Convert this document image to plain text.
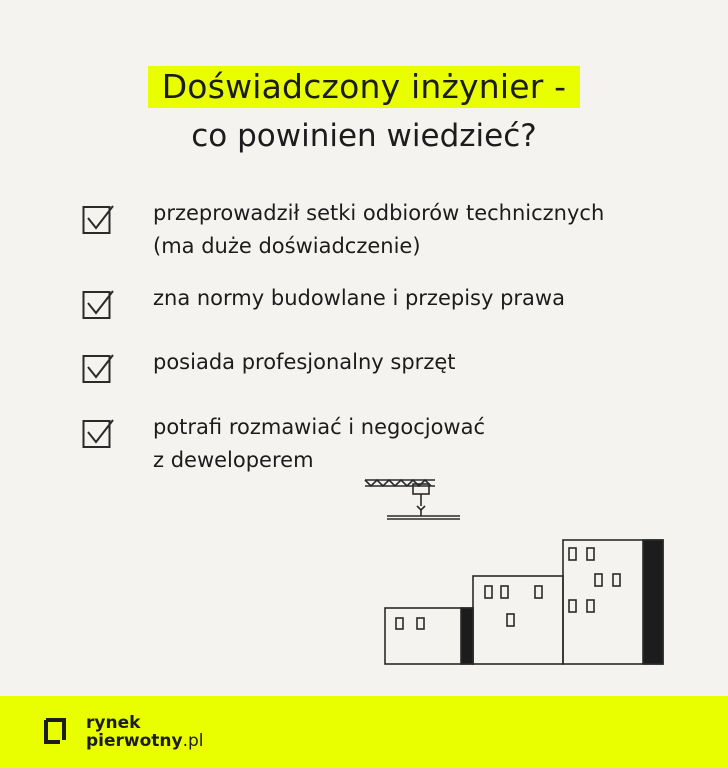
Doświadczony inżynier -
co powinien wiedzieć?
przeprowadził setki odbiorów technicznych
(ma duże doświadczenie)
zna normy budowlane i przepisy prawa
posiada profesjonalny sprzęt
potrafi rozmawiać i negocjować
z deweloperem
rynek
pierwotny.pl
